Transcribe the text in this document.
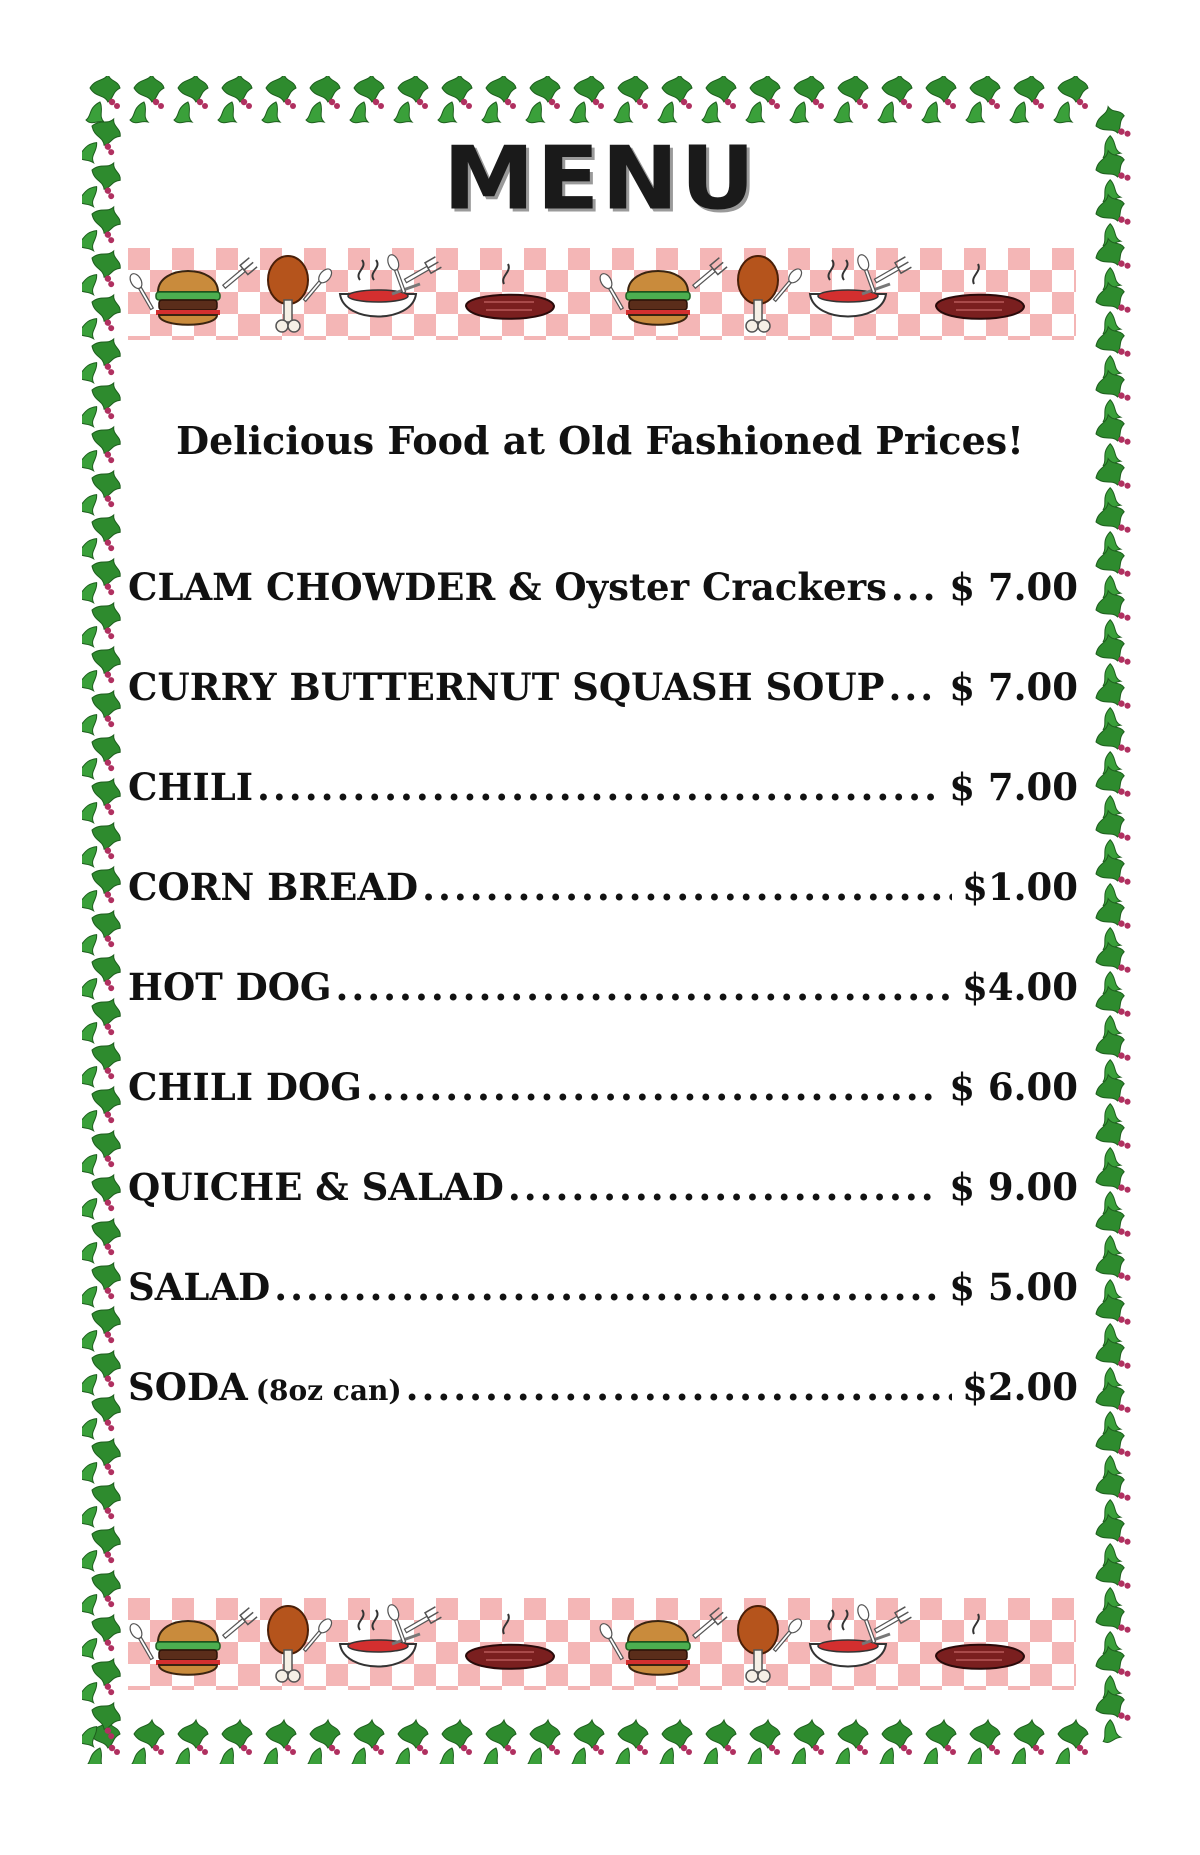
MENU
Delicious Food at Old Fashioned Prices!
CLAM CHOWDER & Oyster Crackers ..... $ 7.00
CURRY BUTTERNUT SQUASH SOUP ..... $ 7.00
CHILI .....	$ 7.00
CORN BREAD .....	$1.00
HOT DOG .....	$4.00
CHILI DOG .....	$ 6.00
QUICHE & SALAD .....	$ 9.00
SALAD .....	$ 5.00
SODA (8oz can) .....	$2.00
